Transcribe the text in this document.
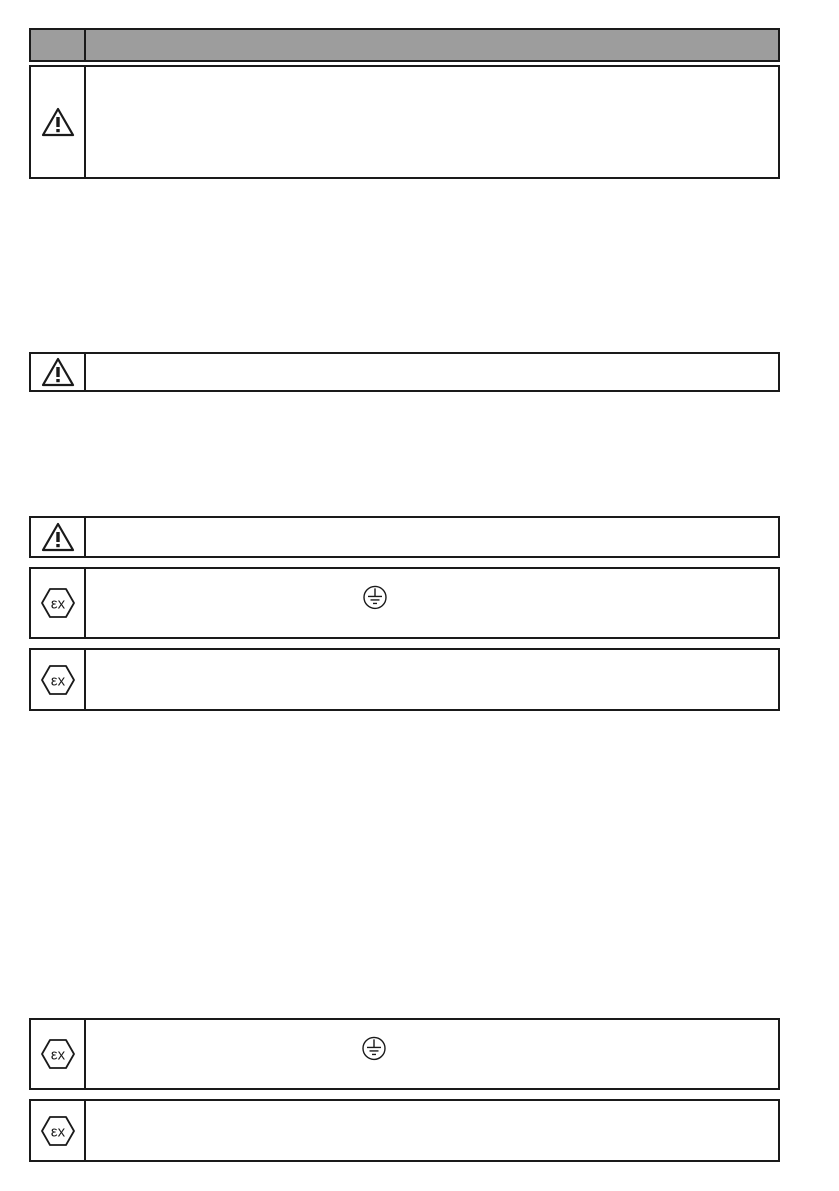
εx
εx
εx
εx
